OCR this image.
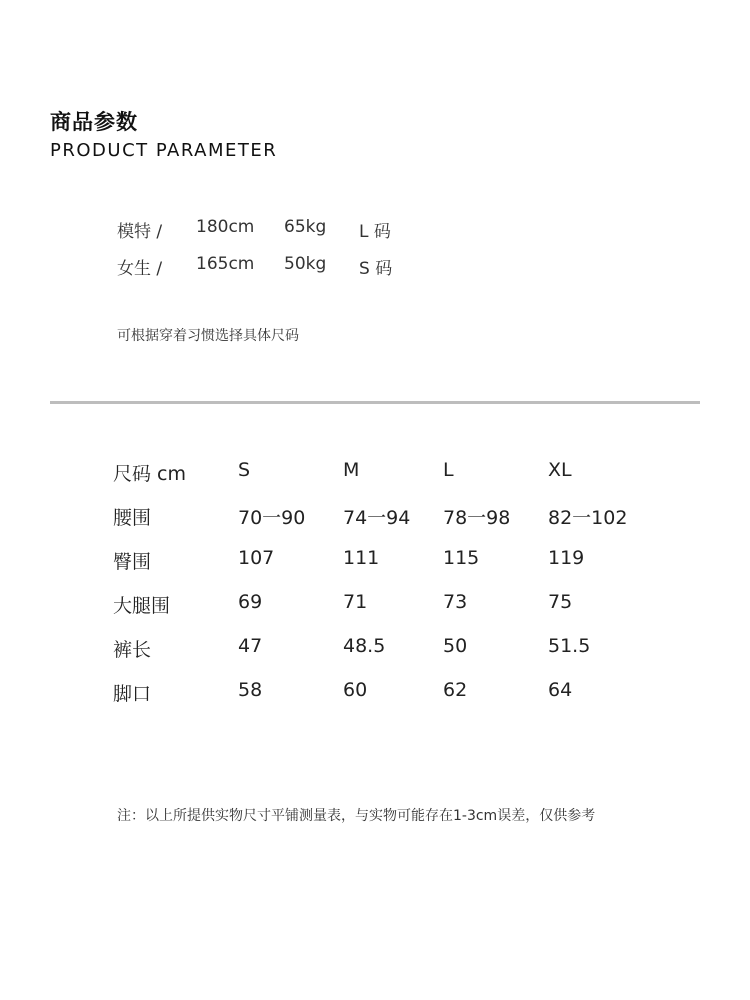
商品参数
PRODUCT PARAMETER
模特 / 180cm 65kg L 码
女生 / 165cm 50kg S 码
可根据穿着习惯选择具体尺码
尺码 cm	S	M	L	XL
腰围	70一90 74一94 78一98 82一102
臀围	107	111	115	119
大腿围	69	71	73	75
裤长	47	48.5	50	51.5
脚口	58	60	62	64
注：以上所提供实物尺寸平铺测量表，与实物可能存在1-3cm误差，仅供参考
